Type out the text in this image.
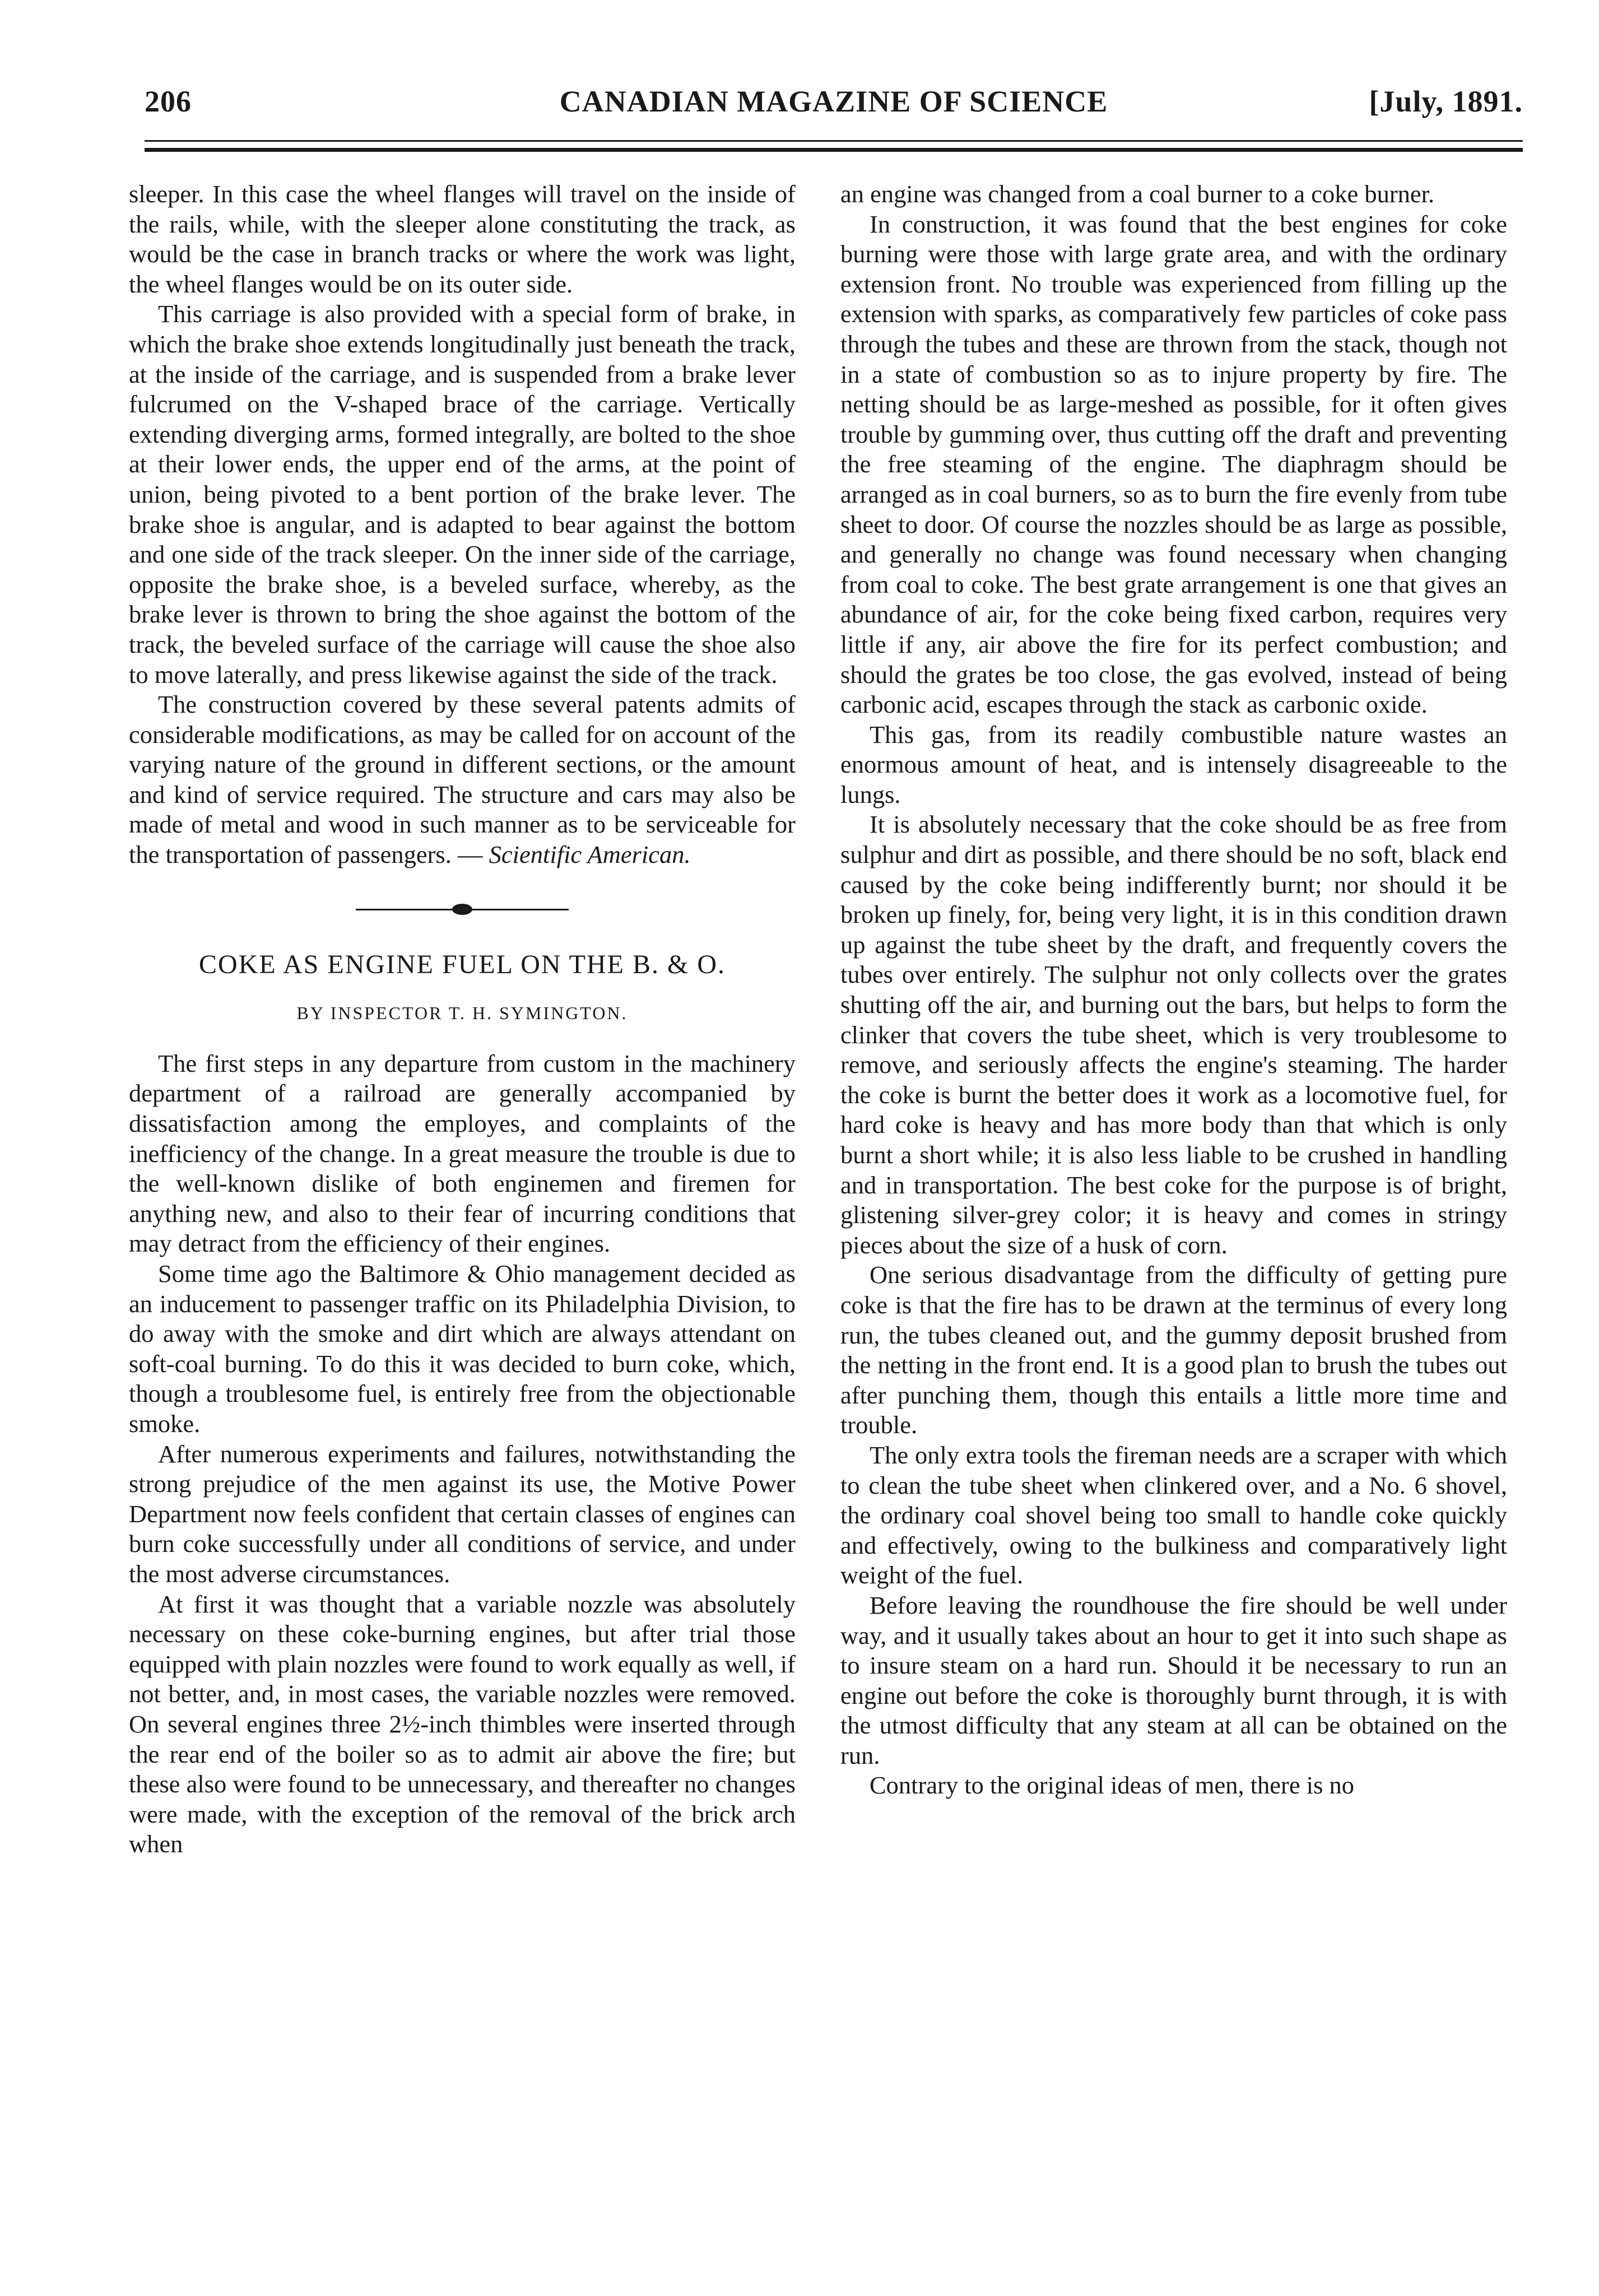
206	CANADIAN MAGAZINE OF SCIENCE	[July, 1891.

sleeper. In this case the wheel flanges will travel on the inside of the rails, while, with the sleeper alone constituting the track, as would be the case in branch tracks or where the work was light, the wheel flanges would be on its outer side.

This carriage is also provided with a special form of brake, in which the brake shoe extends longitudinally just beneath the track, at the inside of the carriage, and is suspended from a brake lever fulcrumed on the V-shaped brace of the carriage. Vertically extending diverging arms, formed integrally, are bolted to the shoe at their lower ends, the upper end of the arms, at the point of union, being pivoted to a bent portion of the brake lever. The brake shoe is angular, and is adapted to bear against the bottom and one side of the track sleeper. On the inner side of the carriage, opposite the brake shoe, is a beveled surface, whereby, as the brake lever is thrown to bring the shoe against the bottom of the track, the beveled surface of the carriage will cause the shoe also to move laterally, and press likewise against the side of the track.

The construction covered by these several patents admits of considerable modifications, as may be called for on account of the varying nature of the ground in different sections, or the amount and kind of service required. The structure and cars may also be made of metal and wood in such manner as to be serviceable for the transportation of passengers. — Scientific American.

COKE AS ENGINE FUEL ON THE B. & O.
BY INSPECTOR T. H. SYMINGTON.

The first steps in any departure from custom in the machinery department of a railroad are generally accompanied by dissatisfaction among the employes, and complaints of the inefficiency of the change. In a great measure the trouble is due to the well-known dislike of both enginemen and firemen for anything new, and also to their fear of incurring conditions that may detract from the efficiency of their engines.

Some time ago the Baltimore & Ohio management decided as an inducement to passenger traffic on its Philadelphia Division, to do away with the smoke and dirt which are always attendant on soft-coal burning. To do this it was decided to burn coke, which, though a troublesome fuel, is entirely free from the objectionable smoke.

After numerous experiments and failures, notwithstanding the strong prejudice of the men against its use, the Motive Power Department now feels confident that certain classes of engines can burn coke successfully under all conditions of service, and under the most adverse circumstances.

At first it was thought that a variable nozzle was absolutely necessary on these coke-burning engines, but after trial those equipped with plain nozzles were found to work equally as well, if not better, and, in most cases, the variable nozzles were removed. On several engines three 2½-inch thimbles were inserted through the rear end of the boiler so as to admit air above the fire; but these also were found to be unnecessary, and thereafter no changes were made, with the exception of the removal of the brick arch when

an engine was changed from a coal burner to a coke burner.

In construction, it was found that the best engines for coke burning were those with large grate area, and with the ordinary extension front. No trouble was experienced from filling up the extension with sparks, as comparatively few particles of coke pass through the tubes and these are thrown from the stack, though not in a state of combustion so as to injure property by fire. The netting should be as large-meshed as possible, for it often gives trouble by gumming over, thus cutting off the draft and preventing the free steaming of the engine. The diaphragm should be arranged as in coal burners, so as to burn the fire evenly from tube sheet to door. Of course the nozzles should be as large as possible, and generally no change was found necessary when changing from coal to coke. The best grate arrangement is one that gives an abundance of air, for the coke being fixed carbon, requires very little if any, air above the fire for its perfect combustion; and should the grates be too close, the gas evolved, instead of being carbonic acid, escapes through the stack as carbonic oxide.

This gas, from its readily combustible nature wastes an enormous amount of heat, and is intensely disagreeable to the lungs.

It is absolutely necessary that the coke should be as free from sulphur and dirt as possible, and there should be no soft, black end caused by the coke being indifferently burnt; nor should it be broken up finely, for, being very light, it is in this condition drawn up against the tube sheet by the draft, and frequently covers the tubes over entirely. The sulphur not only collects over the grates shutting off the air, and burning out the bars, but helps to form the clinker that covers the tube sheet, which is very troublesome to remove, and seriously affects the engine's steaming. The harder the coke is burnt the better does it work as a locomotive fuel, for hard coke is heavy and has more body than that which is only burnt a short while; it is also less liable to be crushed in handling and in transportation. The best coke for the purpose is of bright, glistening silver-grey color; it is heavy and comes in stringy pieces about the size of a husk of corn.

One serious disadvantage from the difficulty of getting pure coke is that the fire has to be drawn at the terminus of every long run, the tubes cleaned out, and the gummy deposit brushed from the netting in the front end. It is a good plan to brush the tubes out after punching them, though this entails a little more time and trouble.

The only extra tools the fireman needs are a scraper with which to clean the tube sheet when clinkered over, and a No. 6 shovel, the ordinary coal shovel being too small to handle coke quickly and effectively, owing to the bulkiness and comparatively light weight of the fuel.

Before leaving the roundhouse the fire should be well under way, and it usually takes about an hour to get it into such shape as to insure steam on a hard run. Should it be necessary to run an engine out before the coke is thoroughly burnt through, it is with the utmost difficulty that any steam at all can be obtained on the run.

Contrary to the original ideas of men, there is no
